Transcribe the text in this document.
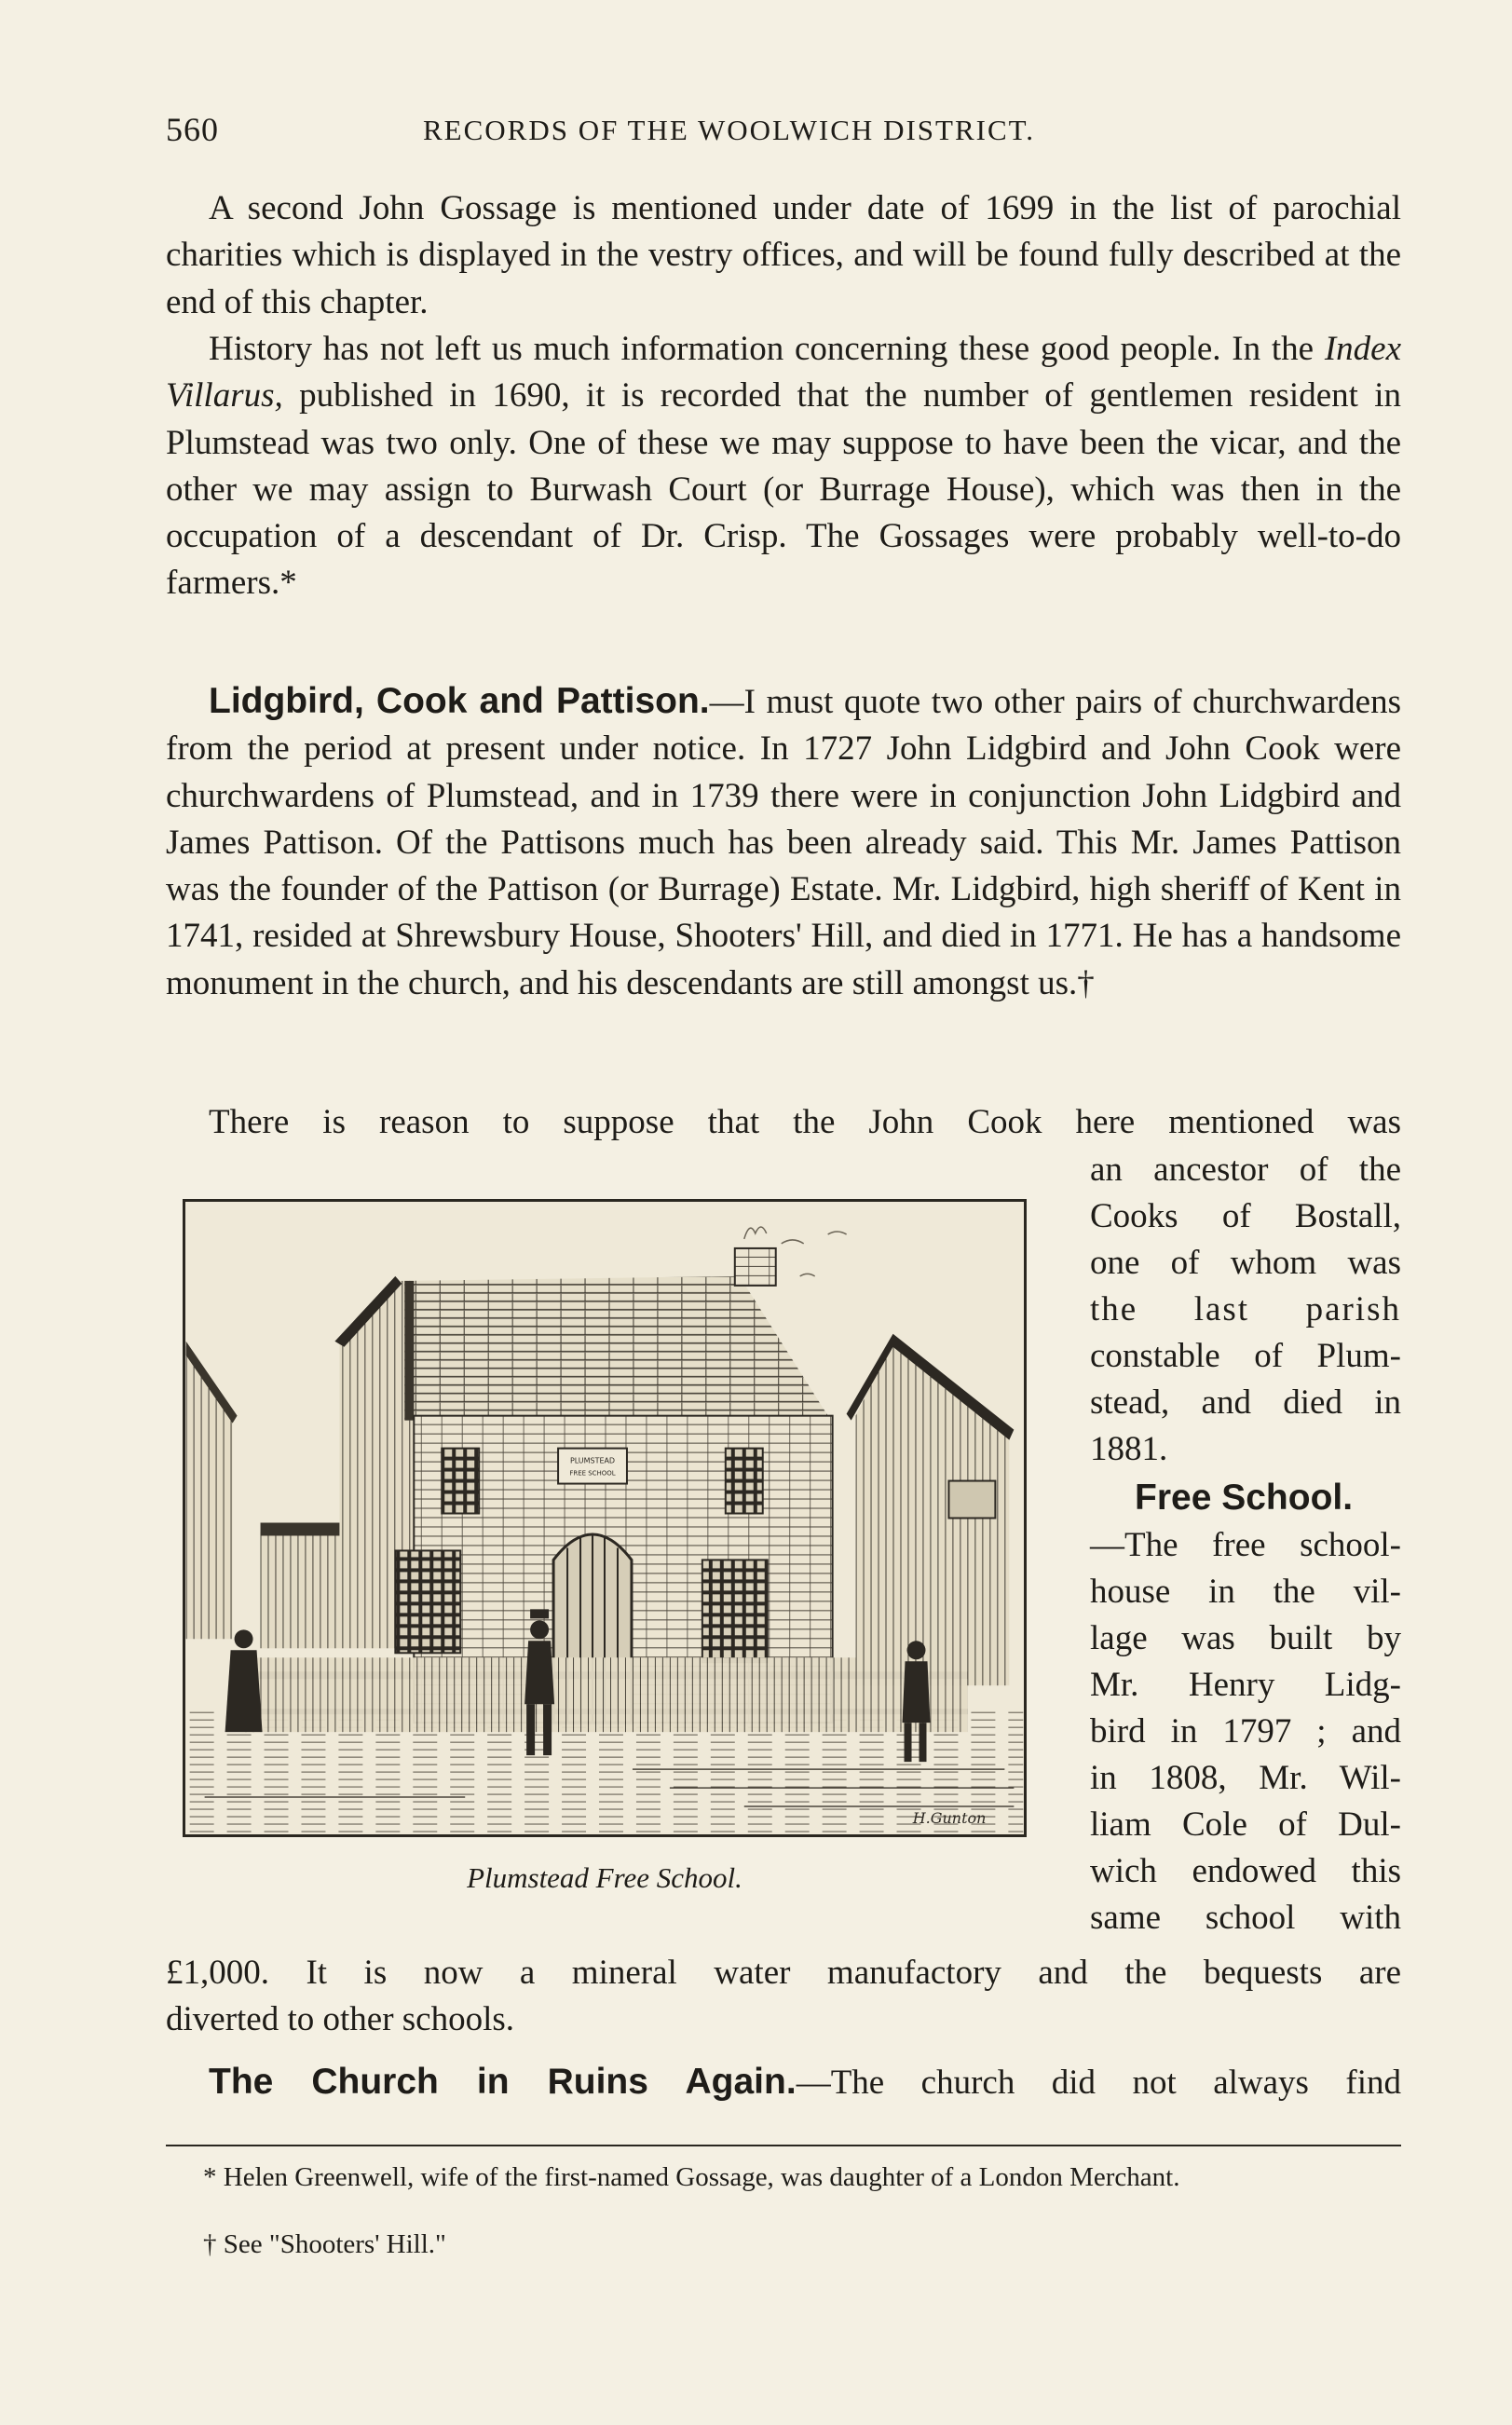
560	RECORDS OF THE WOOLWICH DISTRICT.

A second John Gossage is mentioned under date of 1699 in the list of parochial charities which is displayed in the vestry offices, and will be found fully described at the end of this chapter.

History has not left us much information concerning these good people. In the Index Villarus, published in 1690, it is recorded that the number of gentlemen resident in Plumstead was two only. One of these we may suppose to have been the vicar, and the other we may assign to Burwash Court (or Burrage House), which was then in the occupation of a descendant of Dr. Crisp. The Gossages were probably well-to-do farmers.*

Lidgbird, Cook and Pattison.—I must quote two other pairs of churchwardens from the period at present under notice. In 1727 John Lidgbird and John Cook were churchwardens of Plumstead, and in 1739 there were in conjunction John Lidgbird and James Pattison. Of the Pattisons much has been already said. This Mr. James Pattison was the founder of the Pattison (or Burrage) Estate. Mr. Lidgbird, high sheriff of Kent in 1741, resided at Shrewsbury House, Shooters' Hill, and died in 1771. He has a handsome monument in the church, and his descendants are still amongst us.†

There is reason to suppose that the John Cook here mentioned was

an ancestor of the

Cooks of Bostall,

one of whom was

the last parish

constable of Plum-

stead, and died in

1881.

Free School.

—The free school-

house in the vil-

lage was built by

Mr. Henry Lidg-

bird in 1797 ; and

in 1808, Mr. Wil-

liam Cole of Dul-

wich endowed this

same school with

PLUMSTEAD
FREE SCHOOL
H.Gunton
Plumstead Free School.

£1,000. It is now a mineral water manufactory and the bequests are

diverted to other schools.

The Church in Ruins Again.—The church did not always find

* Helen Greenwell, wife of the first-named Gossage, was daughter of a London Merchant.

† See "Shooters' Hill."
